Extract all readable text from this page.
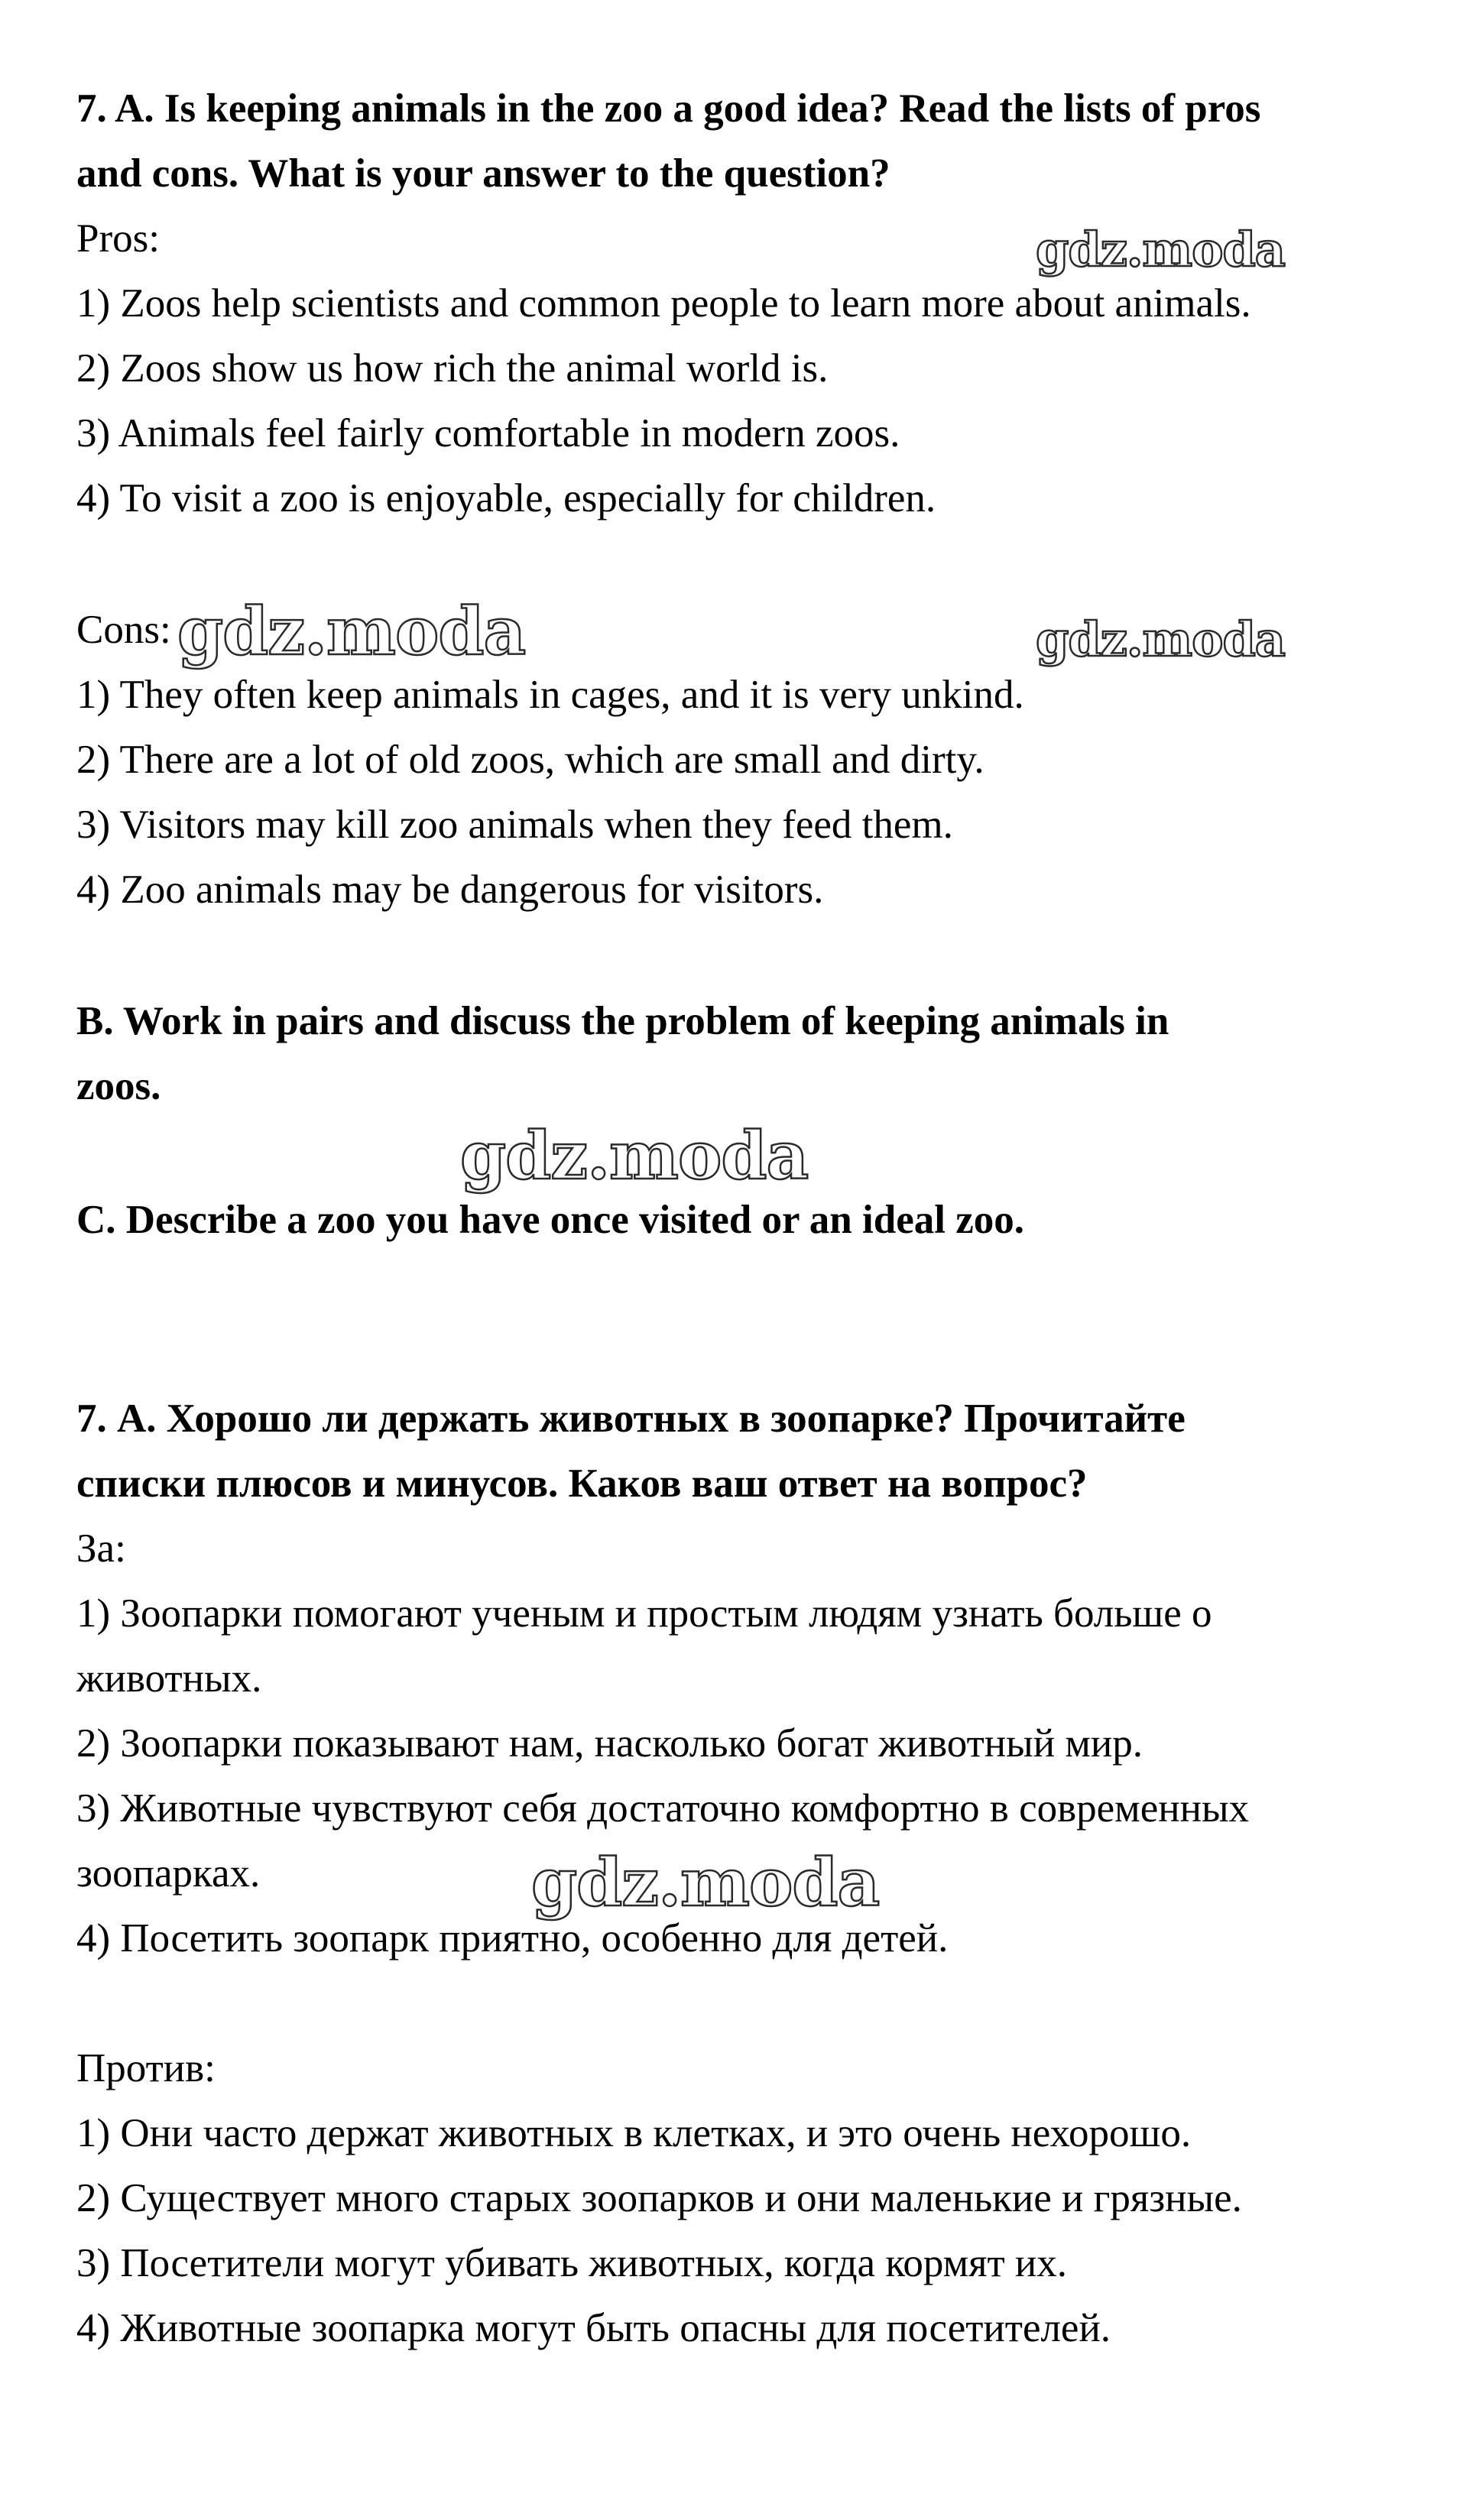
7. A. Is keeping animals in the zoo a good idea? Read the lists of pros
and cons. What is your answer to the question?
Pros:
1) Zoos help scientists and common people to learn more about animals.
2) Zoos show us how rich the animal world is.
3) Animals feel fairly comfortable in modern zoos.
4) To visit a zoo is enjoyable, especially for children.
Cons:
1) They often keep animals in cages, and it is very unkind.
2) There are a lot of old zoos, which are small and dirty.
3) Visitors may kill zoo animals when they feed them.
4) Zoo animals may be dangerous for visitors.
B. Work in pairs and discuss the problem of keeping animals in
zoos.
C. Describe a zoo you have once visited or an ideal zoo.
7. А. Хорошо ли держать животных в зоопарке? Прочитайте
списки плюсов и минусов. Каков ваш ответ на вопрос?
За:
1) Зоопарки помогают ученым и простым людям узнать больше о
животных.
2) Зоопарки показывают нам, насколько богат животный мир.
3) Животные чувствуют себя достаточно комфортно в современных
зоопарках.
4) Посетить зоопарк приятно, особенно для детей.
Против:
1) Они часто держат животных в клетках, и это очень нехорошо.
2) Существует много старых зоопарков и они маленькие и грязные.
3) Посетители могут убивать животных, когда кормят их.
4) Животные зоопарка могут быть опасны для посетителей.
gdz.moda
gdz.moda	gdz.moda
gdz.moda
gdz.moda
